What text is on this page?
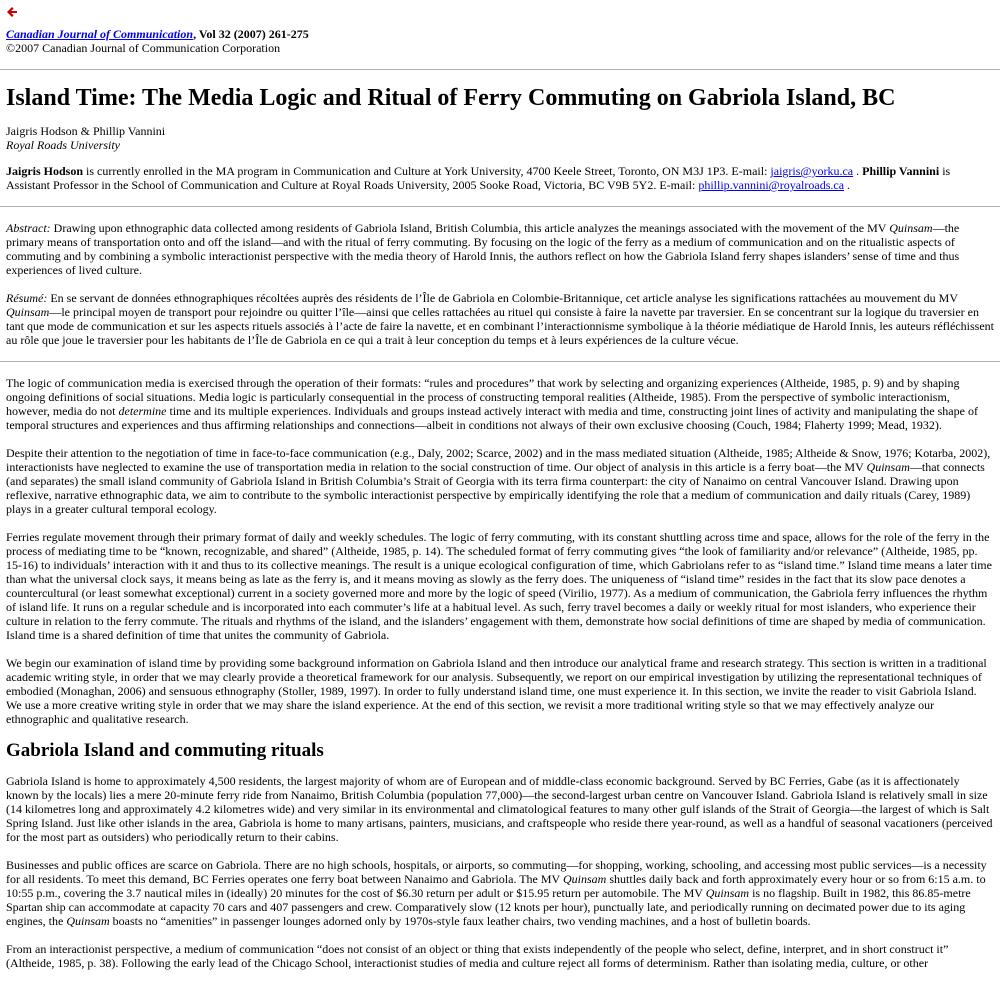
Canadian Journal of Communication, Vol 32 (2007) 261-275
©2007 Canadian Journal of Communication Corporation
Island Time: The Media Logic and Ritual of Ferry Commuting on Gabriola Island, BC
Jaigris Hodson & Phillip Vannini
Royal Roads University

Jaigris Hodson is currently enrolled in the MA program in Communication and Culture at York University, 4700 Keele Street, Toronto, ON M3J 1P3. E-mail: jaigris@yorku.ca . Phillip Vannini is Assistant Professor in the School of Communication and Culture at Royal Roads University, 2005 Sooke Road, Victoria, BC V9B 5Y2. E-mail: phillip.vannini@royalroads.ca .

Abstract: Drawing upon ethnographic data collected among residents of Gabriola Island, British Columbia, this article analyzes the meanings associated with the movement of the MV Quinsam—the primary means of transportation onto and off the island—and with the ritual of ferry commuting. By focusing on the logic of the ferry as a medium of communication and on the ritualistic aspects of commuting and by combining a symbolic interactionist perspective with the media theory of Harold Innis, the authors reflect on how the Gabriola Island ferry shapes islanders’ sense of time and thus experiences of lived culture.

Résumé: En se servant de données ethnographiques récoltées auprès des résidents de l’Île de Gabriola en Colombie-Britannique, cet article analyse les significations rattachées au mouvement du MV Quinsam—le principal moyen de transport pour rejoindre ou quitter l’île—ainsi que celles rattachées au rituel qui consiste à faire la navette par traversier. En se concentrant sur la logique du traversier en tant que mode de communication et sur les aspects rituels associés à l’acte de faire la navette, et en combinant l’interactionnisme symbolique à la théorie médiatique de Harold Innis, les auteurs réfléchissent au rôle que joue le traversier pour les habitants de l’Île de Gabriola en ce qui a trait à leur conception du temps et à leurs expériences de la culture vécue.

The logic of communication media is exercised through the operation of their formats: “rules and procedures” that work by selecting and organizing experiences (Altheide, 1985, p. 9) and by shaping ongoing definitions of social situations. Media logic is particularly consequential in the process of constructing temporal realities (Altheide, 1985). From the perspective of symbolic interactionism, however, media do not determine time and its multiple experiences. Individuals and groups instead actively interact with media and time, constructing joint lines of activity and manipulating the shape of temporal structures and experiences and thus affirming relationships and connections—albeit in conditions not always of their own exclusive choosing (Couch, 1984; Flaherty 1999; Mead, 1932).

Despite their attention to the negotiation of time in face-to-face communication (e.g., Daly, 2002; Scarce, 2002) and in the mass mediated situation (Altheide, 1985; Altheide & Snow, 1976; Kotarba, 2002), interactionists have neglected to examine the use of transportation media in relation to the social construction of time. Our object of analysis in this article is a ferry boat—the MV Quinsam—that connects (and separates) the small island community of Gabriola Island in British Columbia’s Strait of Georgia with its terra firma counterpart: the city of Nanaimo on central Vancouver Island. Drawing upon reflexive, narrative ethnographic data, we aim to contribute to the symbolic interactionist perspective by empirically identifying the role that a medium of communication and daily rituals (Carey, 1989) plays in a greater cultural temporal ecology.

Ferries regulate movement through their primary format of daily and weekly schedules. The logic of ferry commuting, with its constant shuttling across time and space, allows for the role of the ferry in the process of mediating time to be “known, recognizable, and shared” (Altheide, 1985, p. 14). The scheduled format of ferry commuting gives “the look of familiarity and/or relevance” (Altheide, 1985, pp. 15-16) to individuals’ interaction with it and thus to its collective meanings. The result is a unique ecological configuration of time, which Gabriolans refer to as “island time.” Island time means a later time than what the universal clock says, it means being as late as the ferry is, and it means moving as slowly as the ferry does. The uniqueness of “island time” resides in the fact that its slow pace denotes a countercultural (or least somewhat exceptional) current in a society governed more and more by the logic of speed (Virilio, 1977). As a medium of communication, the Gabriola ferry influences the rhythm of island life. It runs on a regular schedule and is incorporated into each commuter’s life at a habitual level. As such, ferry travel becomes a daily or weekly ritual for most islanders, who experience their culture in relation to the ferry commute. The rituals and rhythms of the island, and the islanders’ engagement with them, demonstrate how social definitions of time are shaped by media of communication. Island time is a shared definition of time that unites the community of Gabriola.

We begin our examination of island time by providing some background information on Gabriola Island and then introduce our analytical frame and research strategy. This section is written in a traditional academic writing style, in order that we may clearly provide a theoretical framework for our analysis. Subsequently, we report on our empirical investigation by utilizing the representational techniques of embodied (Monaghan, 2006) and sensuous ethnography (Stoller, 1989, 1997). In order to fully understand island time, one must experience it. In this section, we invite the reader to visit Gabriola Island. We use a more creative writing style in order that we may share the island experience. At the end of this section, we revisit a more traditional writing style so that we may effectively analyze our ethnographic and qualitative research.

Gabriola Island and commuting rituals

Gabriola Island is home to approximately 4,500 residents, the largest majority of whom are of European and of middle-class economic background. Served by BC Ferries, Gabe (as it is affectionately known by the locals) lies a mere 20-minute ferry ride from Nanaimo, British Columbia (population 77,000)—the second-largest urban centre on Vancouver Island. Gabriola Island is relatively small in size (14 kilometres long and approximately 4.2 kilometres wide) and very similar in its environmental and climatological features to many other gulf islands of the Strait of Georgia—the largest of which is Salt Spring Island. Just like other islands in the area, Gabriola is home to many artisans, painters, musicians, and craftspeople who reside there year-round, as well as a handful of seasonal vacationers (perceived for the most part as outsiders) who periodically return to their cabins.

Businesses and public offices are scarce on Gabriola. There are no high schools, hospitals, or airports, so commuting—for shopping, working, schooling, and accessing most public services—is a necessity for all residents. To meet this demand, BC Ferries operates one ferry boat between Nanaimo and Gabriola. The MV Quinsam shuttles daily back and forth approximately every hour or so from 6:15 a.m. to 10:55 p.m., covering the 3.7 nautical miles in (ideally) 20 minutes for the cost of $6.30 return per adult or $15.95 return per automobile. The MV Quinsam is no flagship. Built in 1982, this 86.85-metre Spartan ship can accommodate at capacity 70 cars and 407 passengers and crew. Comparatively slow (12 knots per hour), punctually late, and periodically running on decimated power due to its aging engines, the Quinsam boasts no “amenities” in passenger lounges adorned only by 1970s-style faux leather chairs, two vending machines, and a host of bulletin boards.

From an interactionist perspective, a medium of communication “does not consist of an object or thing that exists independently of the people who select, define, interpret, and in short construct it” (Altheide, 1985, p. 38). Following the early lead of the Chicago School, interactionist studies of media and culture reject all forms of determinism. Rather than isolating media, culture, or other
